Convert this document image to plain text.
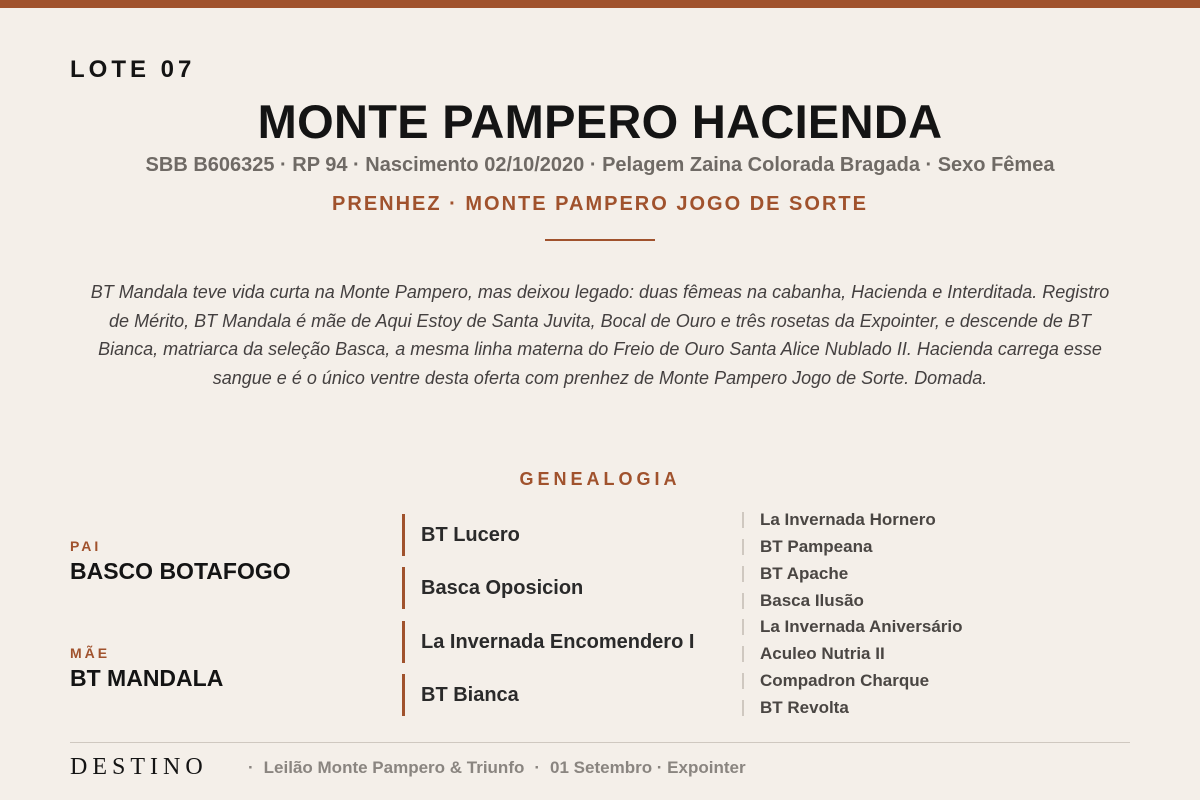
LOTE 07
MONTE PAMPERO HACIENDA
SBB B606325 · RP 94 · Nascimento 02/10/2020 · Pelagem Zaina Colorada Bragada · Sexo Fêmea
PRENHEZ · MONTE PAMPERO JOGO DE SORTE
BT Mandala teve vida curta na Monte Pampero, mas deixou legado: duas fêmeas na cabanha, Hacienda e Interditada. Registro de Mérito, BT Mandala é mãe de Aqui Estoy de Santa Juvita, Bocal de Ouro e três rosetas da Expointer, e descende de BT Bianca, matriarca da seleção Basca, a mesma linha materna do Freio de Ouro Santa Alice Nublado II. Hacienda carrega esse sangue e é o único ventre desta oferta com prenhez de Monte Pampero Jogo de Sorte. Domada.
GENEALOGIA
PAI
BASCO BOTAFOGO
MÃE
BT MANDALA
BT Lucero
Basca Oposicion
La Invernada Encomendero I
BT Bianca
La Invernada Hornero
BT Pampeana
BT Apache
Basca Ilusão
La Invernada Aniversário
Aculeo Nutria II
Compadron Charque
BT Revolta
DESTINO	· Leilão Monte Pampero & Triunfo · 01 Setembro · Expointer
